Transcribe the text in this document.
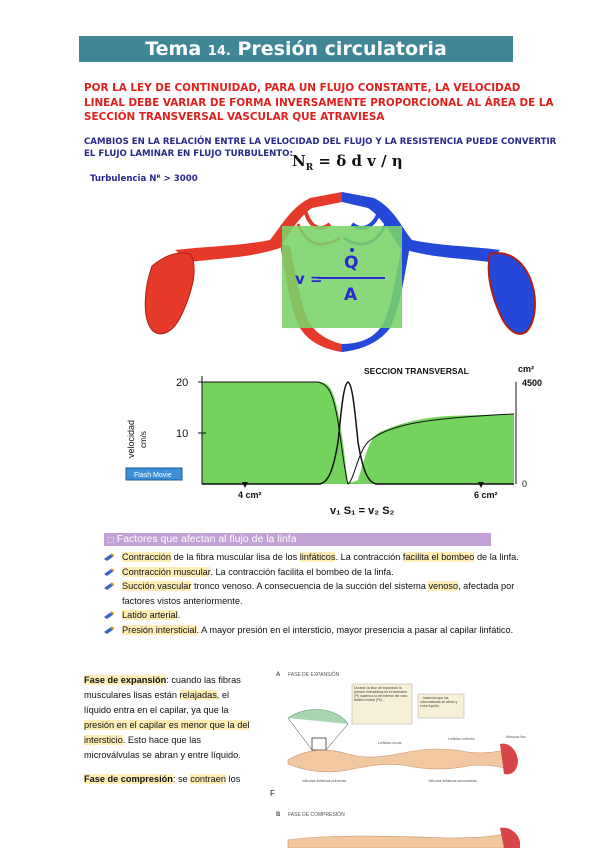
Tema 14. Presión circulatoria
POR LA LEY DE CONTINUIDAD, PARA UN FLUJO CONSTANTE, LA VELOCIDAD LINEAL DEBE VARIAR DE FORMA INVERSAMENTE PROPORCIONAL AL ÁREA DE LA SECCIÓN TRANSVERSAL VASCULAR QUE ATRAVIESA
CAMBIOS EN LA RELACIÓN ENTRE LA VELOCIDAD DEL FLUJO Y LA RESISTENCIA PUEDE CONVERTIR EL FLUJO LAMINAR EN FLUJO TURBULENTO: $N_R = \delta$ d v / η
Turbulencia Nᴿ > 3000
v =
Q
A
20
10
velocidad cm/s
SECCION TRANSVERSAL	cm²
4500
0
Flash Movie
4 cm²	6 cm²
v₁ S₁ = v₂ S₂
⬚ Factores que afectan al flujo de la linfa
Contracción de la fibra muscular lisa de los linfáticos. La contracción facilita el bombeo de la linfa.
Contracción muscular. La contracción facilita el bombeo de la linfa.
Succión vascular tronco venoso. A consecuencia de la succión del sistema venoso, afectada por factores vistos anteriormente.
Latido arterial.
Presión intersticial. A mayor presión en el intersticio, mayor presencia a pasar al capilar linfático.
Fase de expansión: cuando las fibras musculares lisas están relajadas, el líquido entra en el capilar, ya que la presión en el capilar es menor que la del intersticio. Esto hace que las microválvulas se abran y entre líquido.
Fase de compresión: se contraen los
A FASE DE EXPANSIÓN
Durante la fase de expansión la presión hidrostática en el intersticio (Pi) supera a la del interior del vaso linfático inicial (Pli)...	...haciendo que las microválvulas se abran y entre líquido.
Linfático inicial
Linfático colector	Músculo liso
Válvulas linfáticas primarias	Válvulas linfáticas secundarias
F
B FASE DE COMPRESIÓN
